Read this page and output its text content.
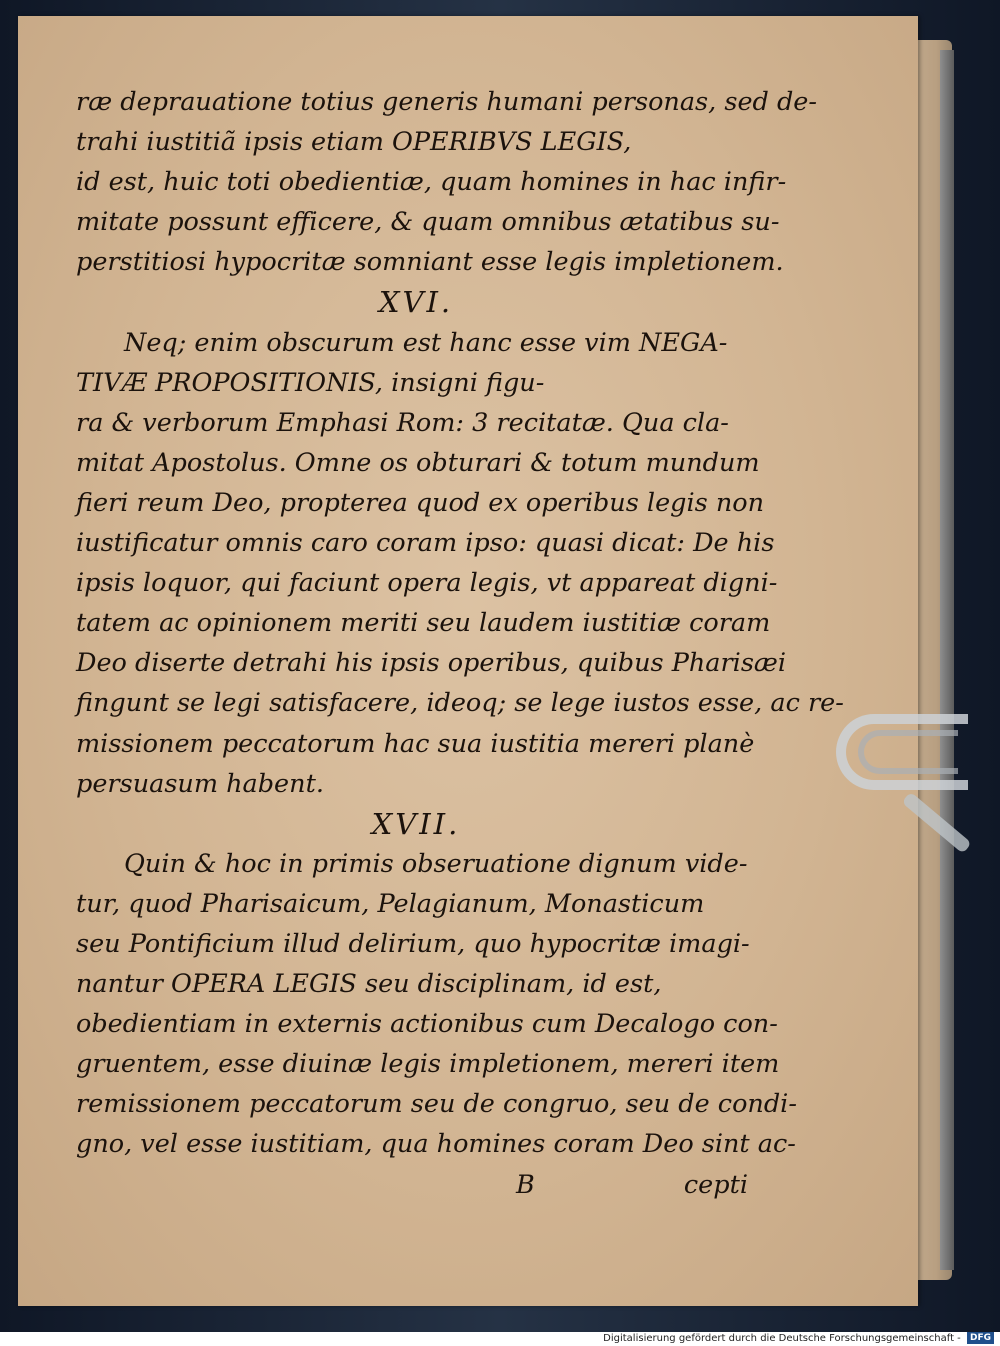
ræ deprauatione totius generis humani personas, sed de-
trahi iustitiã ipsis etiam OPERIBVS LEGIS,
id est, huic toti obedientiæ, quam homines in hac infir-
mitate possunt efficere, & quam omnibus ætatibus su-
perstitiosi hypocritæ somniant esse legis impletionem.
XVI.
Neq; enim obscurum est hanc esse vim NEGA-
TIVÆ PROPOSITIONIS, insigni figu-
ra & verborum Emphasi Rom: 3 recitatæ. Qua cla-
mitat Apostolus. Omne os obturari & totum mundum
fieri reum Deo, propterea quod ex operibus legis non
iustificatur omnis caro coram ipso: quasi dicat: De his
ipsis loquor, qui faciunt opera legis, vt appareat digni-
tatem ac opinionem meriti seu laudem iustitiæ coram
Deo diserte detrahi his ipsis operibus, quibus Pharisæi
fingunt se legi satisfacere, ideoq; se lege iustos esse, ac re-
missionem peccatorum hac sua iustitia mereri planè
persuasum habent.
XVII.
Quin & hoc in primis obseruatione dignum vide-
tur, quod Pharisaicum, Pelagianum, Monasticum
seu Pontificium illud delirium, quo hypocritæ imagi-
nantur OPERA LEGIS seu disciplinam, id est,
obedientiam in externis actionibus cum Decalogo con-
gruentem, esse diuinæ legis impletionem, mereri item
remissionem peccatorum seu de congruo, seu de condi-
gno, vel esse iustitiam, qua homines coram Deo sint ac-
B	cepti
Digitalisierung gefördert durch die Deutsche Forschungsgemeinschaft - DFG
